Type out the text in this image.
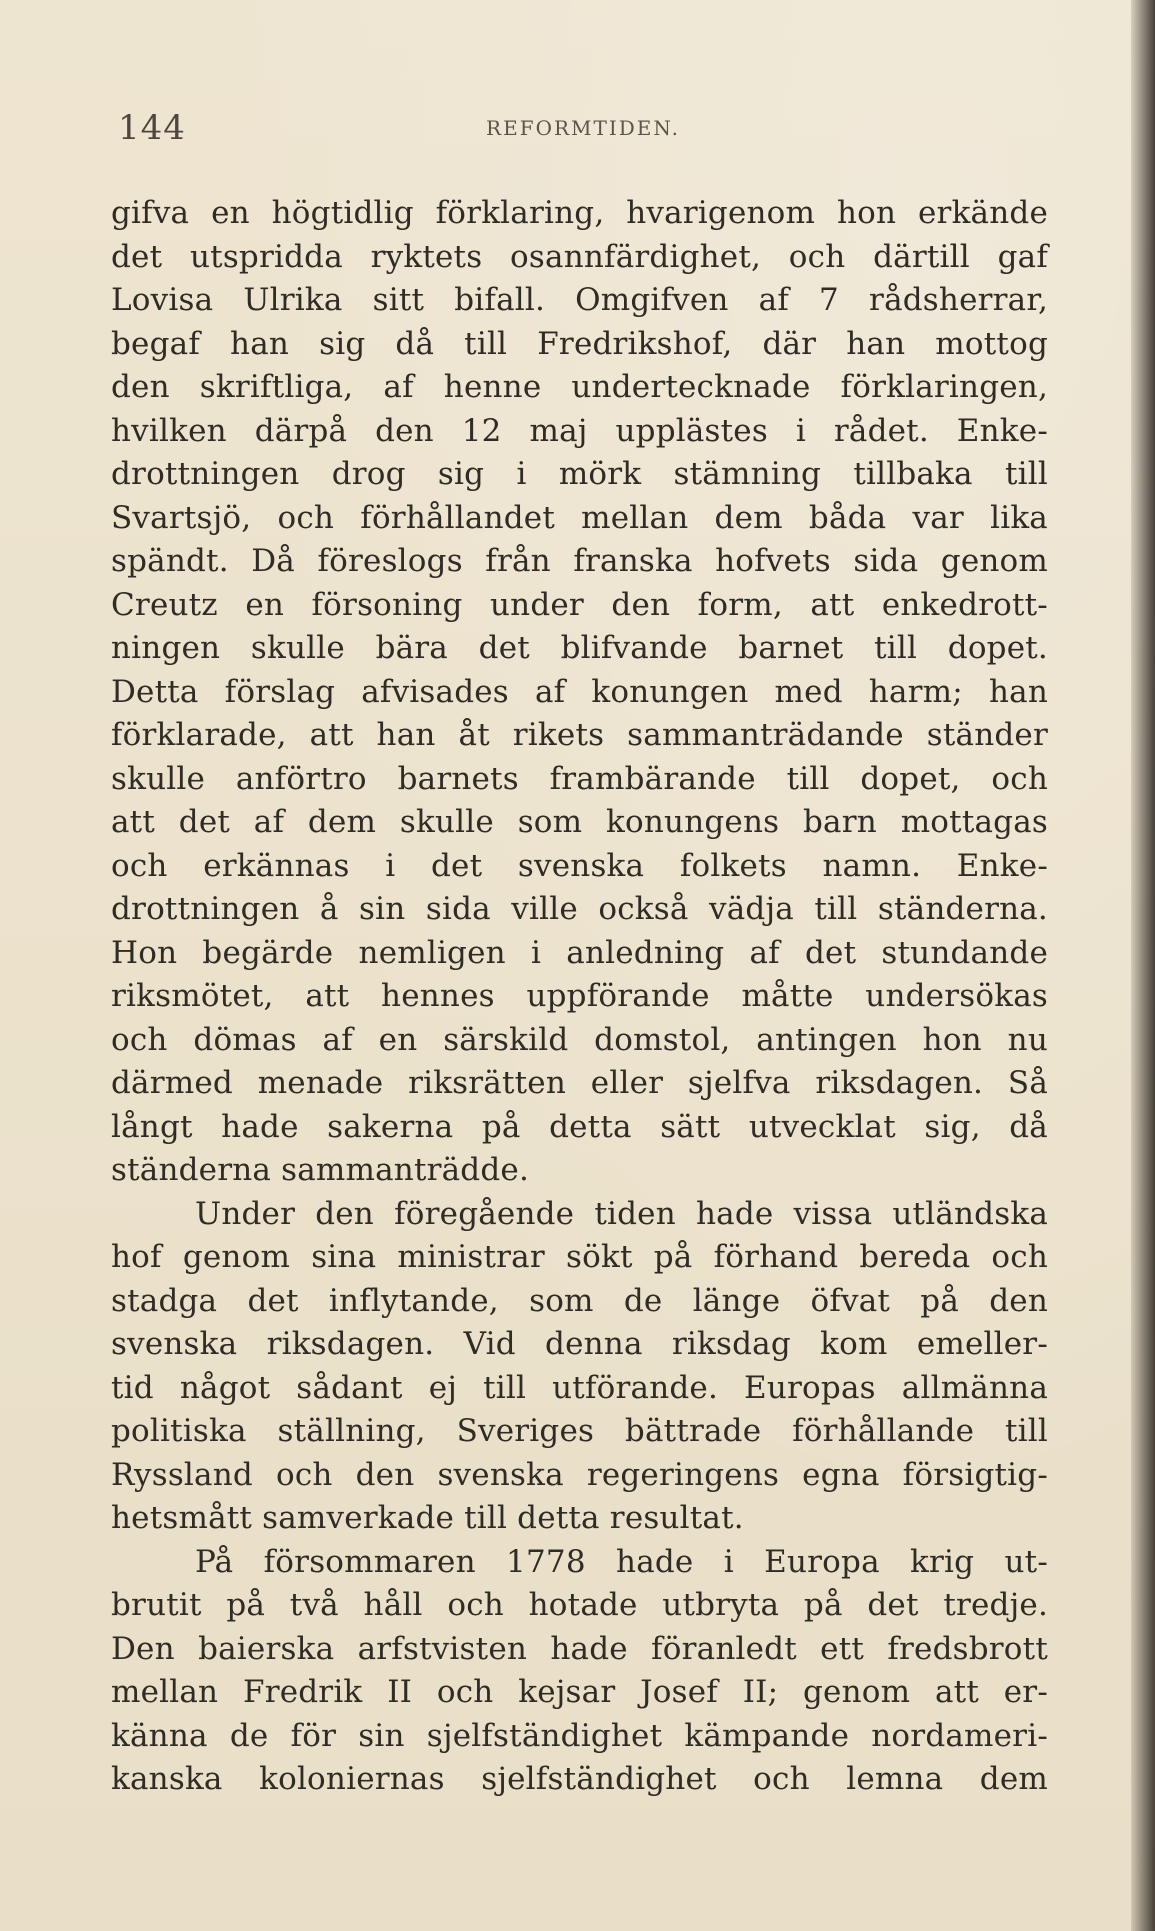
144	REFORMTIDEN.
gifva en högtidlig förklaring, hvarigenom hon erkände
det utspridda ryktets osannfärdighet, och därtill gaf
Lovisa Ulrika sitt bifall. Omgifven af 7 rådsherrar,
begaf han sig då till Fredrikshof, där han mottog
den skriftliga, af henne undertecknade förklaringen,
hvilken därpå den 12 maj upplästes i rådet. Enke-
drottningen drog sig i mörk stämning tillbaka till
Svartsjö, och förhållandet mellan dem båda var lika
spändt. Då föreslogs från franska hofvets sida genom
Creutz en försoning under den form, att enkedrott-
ningen skulle bära det blifvande barnet till dopet.
Detta förslag afvisades af konungen med harm; han
förklarade, att han åt rikets sammanträdande ständer
skulle anförtro barnets frambärande till dopet, och
att det af dem skulle som konungens barn mottagas
och erkännas i det svenska folkets namn. Enke-
drottningen å sin sida ville också vädja till ständerna.
Hon begärde nemligen i anledning af det stundande
riksmötet, att hennes uppförande måtte undersökas
och dömas af en särskild domstol, antingen hon nu
därmed menade riksrätten eller sjelfva riksdagen. Så
långt hade sakerna på detta sätt utvecklat sig, då
ständerna sammanträdde.
Under den föregående tiden hade vissa utländska
hof genom sina ministrar sökt på förhand bereda och
stadga det inflytande, som de länge öfvat på den
svenska riksdagen. Vid denna riksdag kom emeller-
tid något sådant ej till utförande. Europas allmänna
politiska ställning, Sveriges bättrade förhållande till
Ryssland och den svenska regeringens egna försigtig-
hetsmått samverkade till detta resultat.
På försommaren 1778 hade i Europa krig ut-
brutit på två håll och hotade utbryta på det tredje.
Den baierska arfstvisten hade föranledt ett fredsbrott
mellan Fredrik II och kejsar Josef II; genom att er-
känna de för sin sjelfständighet kämpande nordameri-
kanska koloniernas sjelfständighet och lemna dem
